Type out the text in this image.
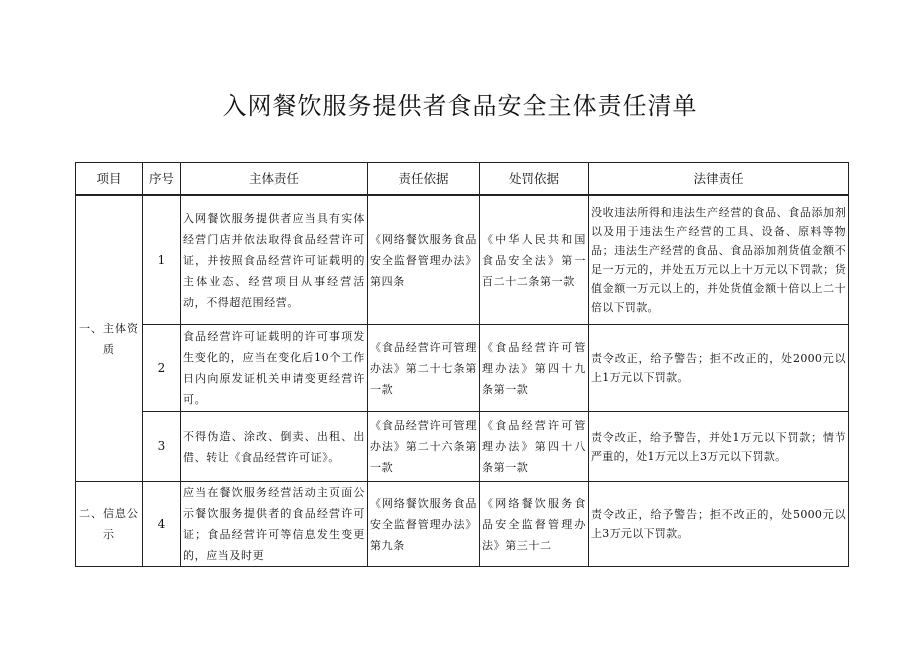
入网餐饮服务提供者食品安全主体责任清单
项目	序号	主体责任	责任依据	处罚依据	法律责任
一、主体资质	1	入网餐饮服务提供者应当具有实体经营门店并依法取得食品经营许可证，并按照食品经营许可证载明的主体业态、经营项目从事经营活动，不得超范围经营。	《网络餐饮服务食品安全监督管理办法》第四条	《中华人民共和国食品安全法》第一百二十二条第一款	没收违法所得和违法生产经营的食品、食品添加剂以及用于违法生产经营的工具、设备、原料等物品；违法生产经营的食品、食品添加剂货值金额不足一万元的，并处五万元以上十万元以下罚款；货值金额一万元以上的，并处货值金额十倍以上二十倍以下罚款。
	2	食品经营许可证载明的许可事项发生变化的，应当在变化后10个工作日内向原发证机关申请变更经营许可。	《食品经营许可管理办法》第二十七条第一款	《食品经营许可管理办法》第四十九条第一款	责令改正，给予警告；拒不改正的，处2000元以上1万元以下罚款。
	3	不得伪造、涂改、倒卖、出租、出借、转让《食品经营许可证》。	《食品经营许可管理办法》第二十六条第一款	《食品经营许可管理办法》第四十八条第一款	责令改正，给予警告，并处1万元以下罚款；情节严重的，处1万元以上3万元以下罚款。
二、信息公示	4	应当在餐饮服务经营活动主页面公示餐饮服务提供者的食品经营许可证；食品经营许可等信息发生变更的，应当及时更	《网络餐饮服务食品安全监督管理办法》第九条	《网络餐饮服务食品安全监督管理办法》第三十二	责令改正，给予警告；拒不改正的，处5000元以上3万元以下罚款。
